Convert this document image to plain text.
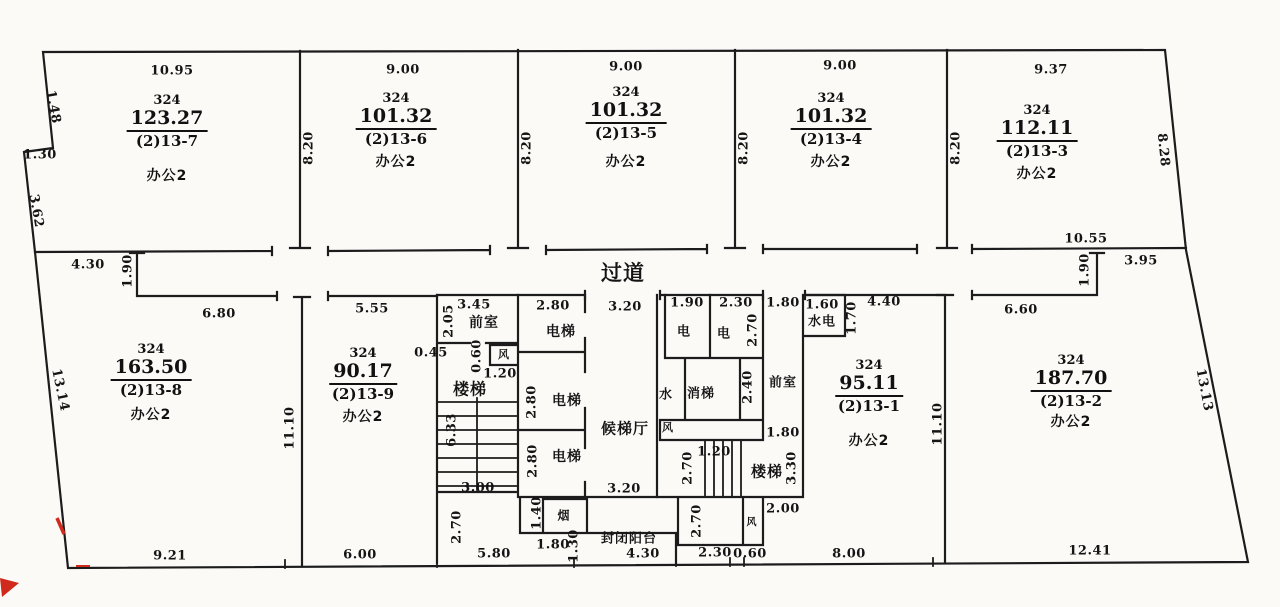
10.95	9.00	9.00	9.00	9.37
8.20	8.20	8.20	8.20	8.28
1.48
1.30
3.62
13.14	13.13
4.30 1.90
10.55
3.95
1.90
6.80	5.55	4.40
6.60
11.10	11.10
2.05 3.45	2.80	3.20
0.45 0.60
1.20
2.80
6.33
2.80
3.00	3.20
2.70
5.80
1.40
1.80
1.30	4.30
1.90 2.30
2.70
1.80 1.60 1.70
2.40
1.80
1.20
2.70	3.30
2.00
2.70
2.30 0.60	8.00
9.21	6.00	12.41
过道
前室
电梯
电梯
电梯
楼梯
候梯厅
风
烟
封闭阳台
电 电
水电
水 消梯
前室
风
楼梯
风
324
123.27
(2)13-7
办公2
324
101.32
(2)13-6
办公2
324
101.32
(2)13-5
办公2
324
101.32
(2)13-4
办公2
324
112.11
(2)13-3
办公2
324
163.50
(2)13-8
办公2
324
90.17
(2)13-9
办公2
324
95.11
(2)13-1
办公2
324
187.70
(2)13-2
办公2
